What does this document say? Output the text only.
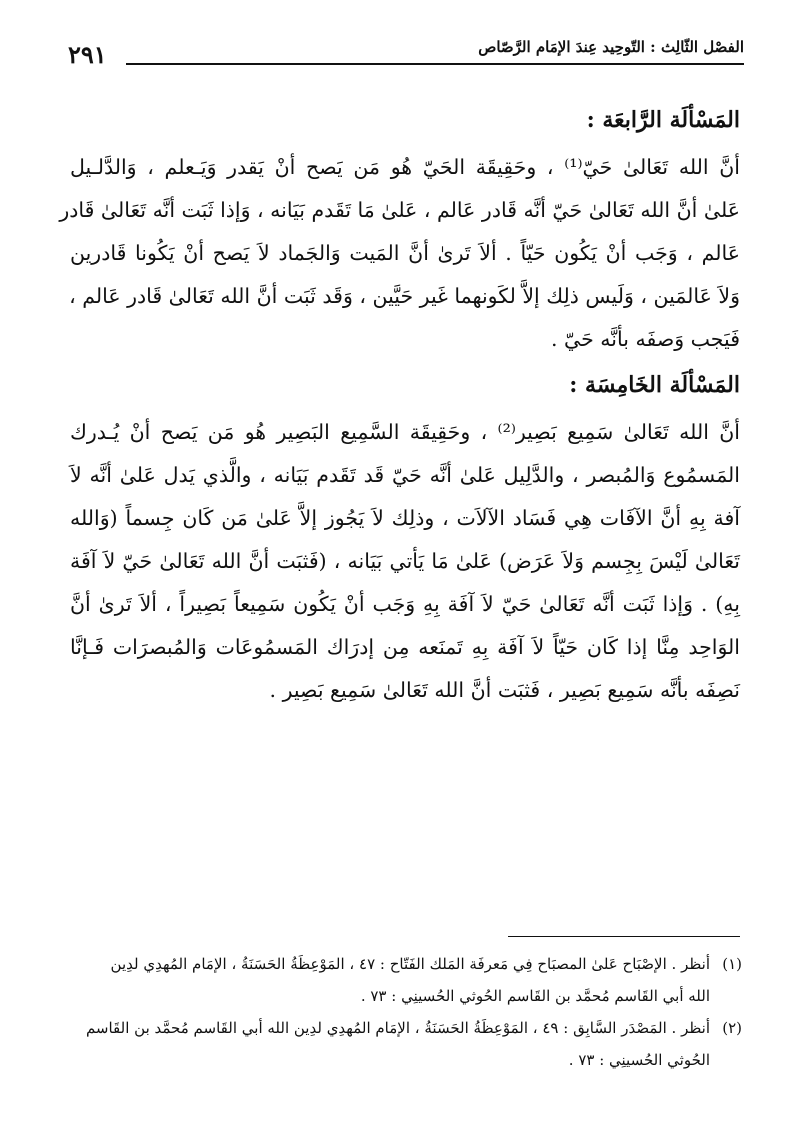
٢٩١	الفصْل الثّالِث : التّوحِيد عِندَ الإمَام الرَّصّاص
المَسْألَة الرَّابعَة :
أنَّ الله تَعَالىٰ حَيّ⁽¹⁾ ، وحَقِيقَة الحَيّ هُو مَن يَصح أنْ يَقدر وَيَـعلم ، وَالدَّلـيل
عَلىٰ أنَّ الله تَعَالىٰ حَيّ أنَّه قَادر عَالم ، عَلىٰ مَا تَقَدم بَيَانه ، وَإذا ثَبَت أنَّه تَعَالىٰ قَادر
عَالم ، وَجَب أنْ يَكُون حَيّاً . ألاَ تَرىٰ أنَّ المَيت وَالجَماد لاَ يَصح أنْ يَكُونا قَادرين
وَلاَ عَالمَين ، وَلَيس ذلِك إلاَّ لكَونهما غَير حَيَّين ، وَقَد ثَبَت أنَّ الله تَعَالىٰ قَادر عَالم ،
فَيَجب وَصفَه بأنَّه حَيّ .
المَسْألَة الخَامِسَة :
أنَّ الله تَعَالىٰ سَمِيع بَصِير⁽²⁾ ، وحَقِيقَة السَّمِيع البَصِير هُو مَن يَصح أنْ يُـدرك
المَسمُوع وَالمُبصر ، والدَّلِيل عَلىٰ أنَّه حَيّ قَد تَقَدم بَيَانه ، والَّذي يَدل عَلىٰ أنَّه لاَ
آفة بِهِ أنَّ الآفَات هِي فَسَاد الآلاَت ، وذلِك لاَ يَجُوز إلاَّ عَلىٰ مَن كَان جِسماً (وَالله
تَعَالىٰ لَيْسَ بِجِسم وَلاَ عَرَض) عَلىٰ مَا يَأتي بَيَانه ، (فَثبَت أنَّ الله تَعَالىٰ حَيّ لاَ آفَة
بِهِ) . وَإذا ثَبَت أنَّه تَعَالىٰ حَيّ لاَ آفَة بِهِ وَجَب أنْ يَكُون سَمِيعاً بَصِيراً ، ألاَ تَرىٰ أنَّ
الوَاحِد مِنَّا إذا كَان حَيّاً لاَ آفَة بِهِ تَمنَعه مِن إدرَاك المَسمُوعَات وَالمُبصرَات فَـإنَّا
نَصِفَه بأنَّه سَمِيع بَصِير ، فَثبَت أنَّ الله تَعَالىٰ سَمِيع بَصِير .
(١)أنظر . الإصْبَاح عَلىٰ المصبَاح فِي مَعرفَة المَلك الفَتّاح : ٤٧ ، المَوْعِظَةُ الحَسَنَةُ ، الإمَام المُهدِي لدِين
الله أبي القَاسم مُحمَّد بن القَاسم الحُوثي الحُسينِي : ٧٣ .
(٢)أنظر . المَصْدَر السَّابِق : ٤٩ ، المَوْعِظَةُ الحَسَنَةُ ، الإمَام المُهدِي لدِين الله أبي القَاسم مُحمَّد بن القَاسم
الحُوثي الحُسينِي : ٧٣ .
